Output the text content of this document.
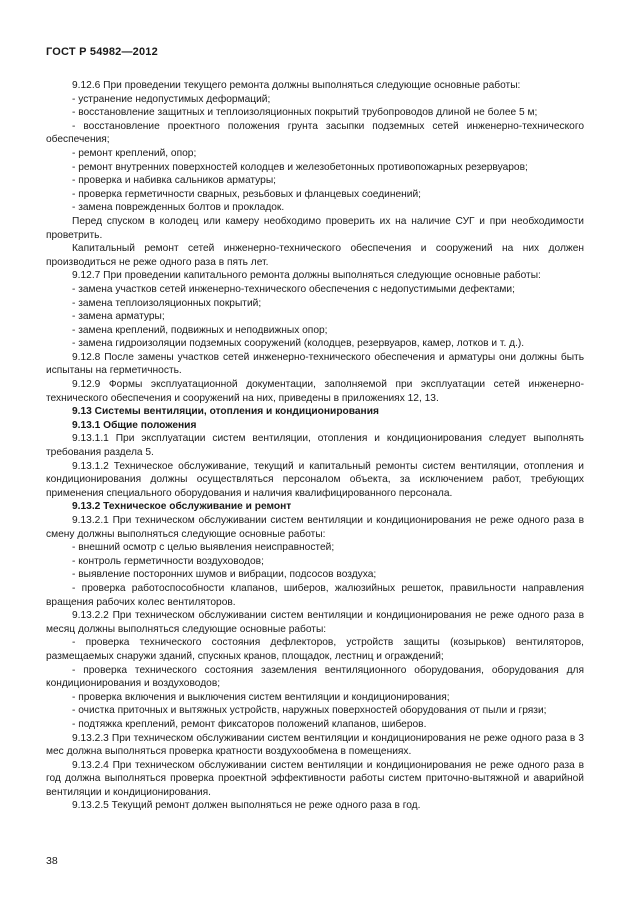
ГОСТ Р 54982—2012

9.12.6 При проведении текущего ремонта должны выполняться следующие основные работы:

- устранение недопустимых деформаций;

- восстановление защитных и теплоизоляционных покрытий трубопроводов длиной не более 5 м;

- восстановление проектного положения грунта засыпки подземных сетей инженерно-технического обеспечения;

- ремонт креплений, опор;

- ремонт внутренних поверхностей колодцев и железобетонных противопожарных резервуаров;

- проверка и набивка сальников арматуры;

- проверка герметичности сварных, резьбовых и фланцевых соединений;

- замена поврежденных болтов и прокладок.

Перед спуском в колодец или камеру необходимо проверить их на наличие СУГ и при необходимости проветрить.

Капитальный ремонт сетей инженерно-технического обеспечения и сооружений на них должен производиться не реже одного раза в пять лет.

9.12.7 При проведении капитального ремонта должны выполняться следующие основные работы:

- замена участков сетей инженерно-технического обеспечения с недопустимыми дефектами;

- замена теплоизоляционных покрытий;

- замена арматуры;

- замена креплений, подвижных и неподвижных опор;

- замена гидроизоляции подземных сооружений (колодцев, резервуаров, камер, лотков и т. д.).

9.12.8 После замены участков сетей инженерно-технического обеспечения и арматуры они должны быть испытаны на герметичность.

9.12.9 Формы эксплуатационной документации, заполняемой при эксплуатации сетей инженерно-технического обеспечения и сооружений на них, приведены в приложениях 12, 13.

9.13 Системы вентиляции, отопления и кондиционирования

9.13.1 Общие положения

9.13.1.1 При эксплуатации систем вентиляции, отопления и кондиционирования следует выполнять требования раздела 5.

9.13.1.2 Техническое обслуживание, текущий и капитальный ремонты систем вентиляции, отопления и кондиционирования должны осуществляться персоналом объекта, за исключением работ, требующих применения специального оборудования и наличия квалифицированного персонала.

9.13.2 Техническое обслуживание и ремонт

9.13.2.1 При техническом обслуживании систем вентиляции и кондиционирования не реже одного раза в смену должны выполняться следующие основные работы:

- внешний осмотр с целью выявления неисправностей;

- контроль герметичности воздуховодов;

- выявление посторонних шумов и вибрации, подсосов воздуха;

- проверка работоспособности клапанов, шиберов, жалюзийных решеток, правильности направления вращения рабочих колес вентиляторов.

9.13.2.2 При техническом обслуживании систем вентиляции и кондиционирования не реже одного раза в месяц должны выполняться следующие основные работы:

- проверка технического состояния дефлекторов, устройств защиты (козырьков) вентиляторов, размещаемых снаружи зданий, спускных кранов, площадок, лестниц и ограждений;

- проверка технического состояния заземления вентиляционного оборудования, оборудования для кондиционирования и воздуховодов;

- проверка включения и выключения систем вентиляции и кондиционирования;

- очистка приточных и вытяжных устройств, наружных поверхностей оборудования от пыли и грязи;

- подтяжка креплений, ремонт фиксаторов положений клапанов, шиберов.

9.13.2.3 При техническом обслуживании систем вентиляции и кондиционирования не реже одного раза в 3 мес должна выполняться проверка кратности воздухообмена в помещениях.

9.13.2.4 При техническом обслуживании систем вентиляции и кондиционирования не реже одного раза в год должна выполняться проверка проектной эффективности работы систем приточно-вытяжной и аварийной вентиляции и кондиционирования.

9.13.2.5 Текущий ремонт должен выполняться не реже одного раза в год.

38
